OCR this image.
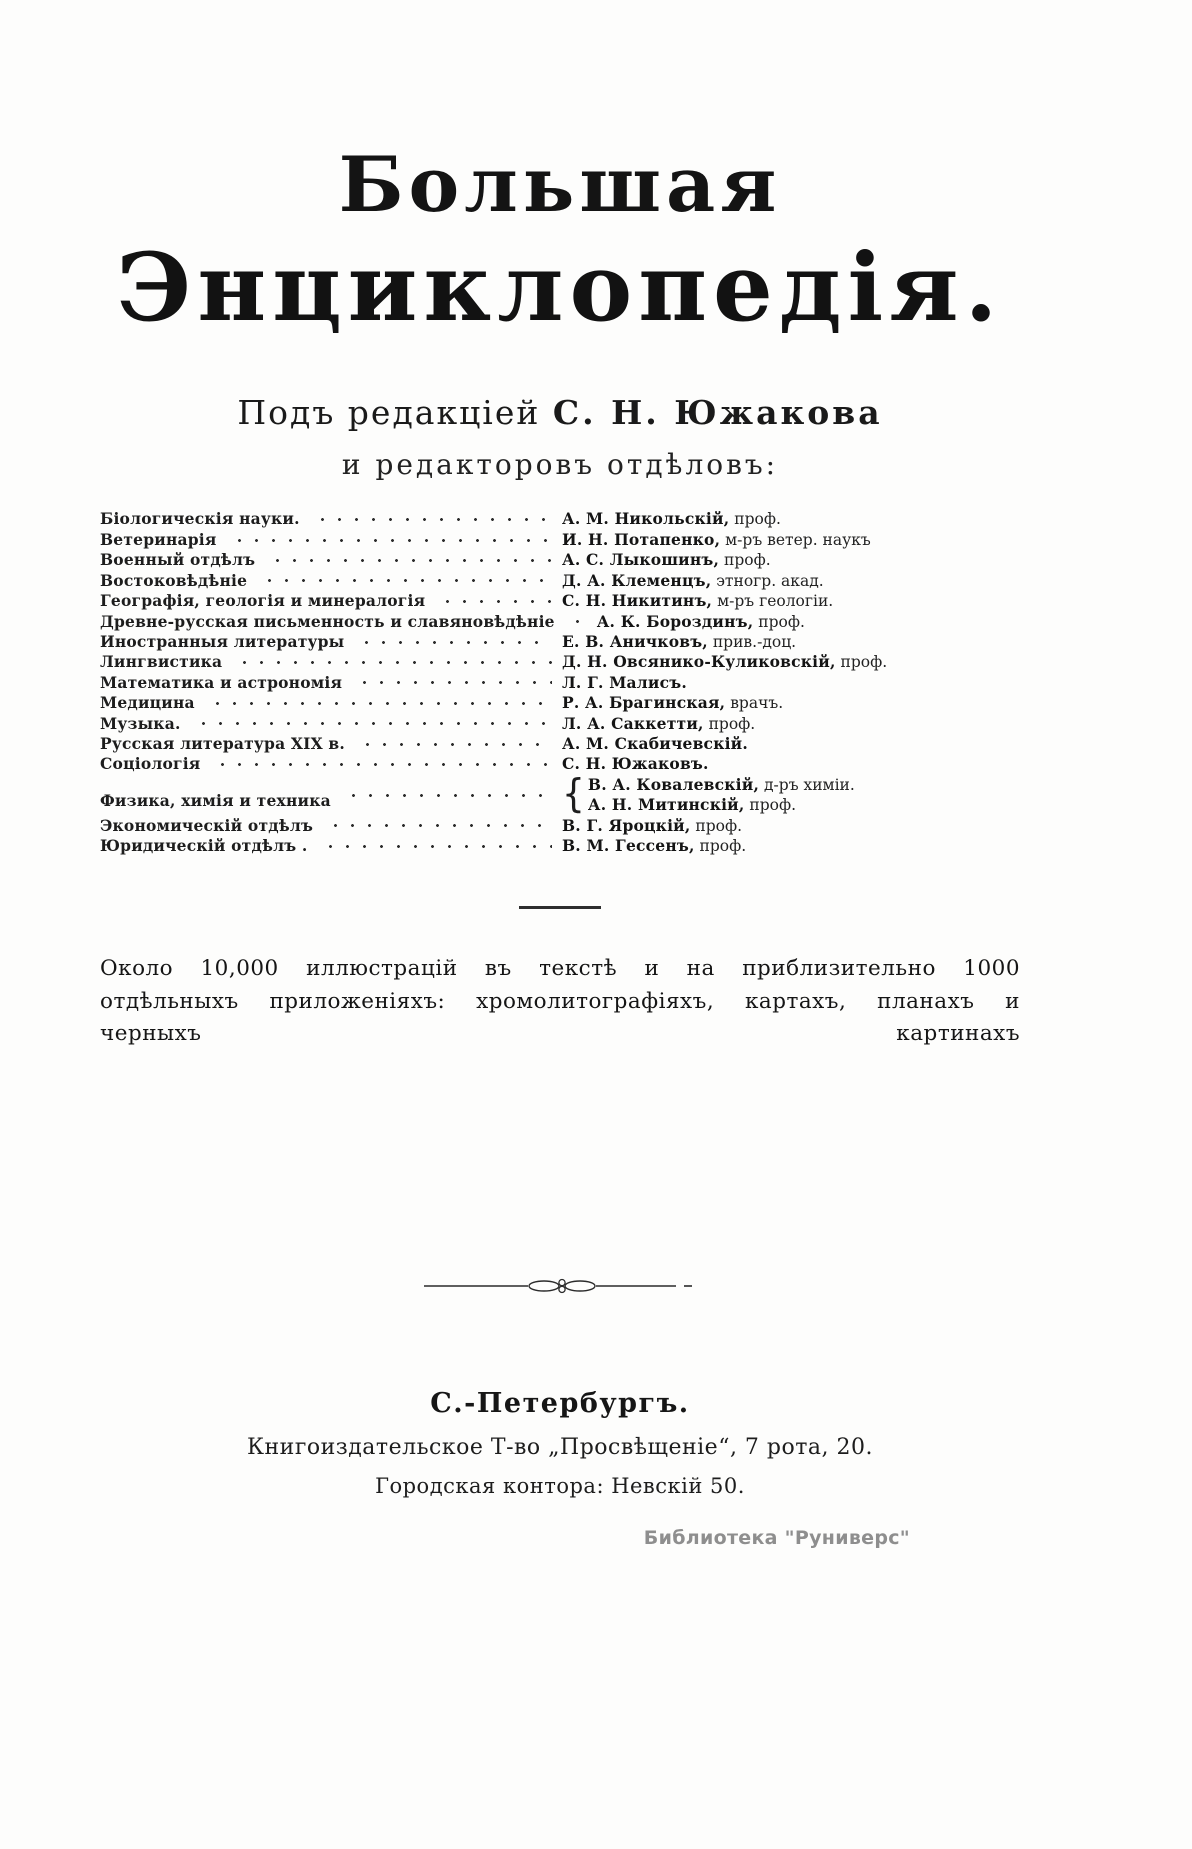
Большая
Энциклопедія.
Подъ редакціей С. Н. Южакова
и редакторовъ отдѣловъ:
Біологическія науки.	А. М. Никольскій, проф.
Ветеринарія	И. Н. Потапенко, м-ръ ветер. наукъ
Военный отдѣлъ	А. С. Лыкошинъ, проф.
Востоковѣдѣніе	Д. А. Клеменцъ, этногр. акад.
Географія, геологія и минералогія	С. Н. Никитинъ, м-ръ геологіи.
Древне-русская письменность и славяновѣдѣніе	А. К. Бороздинъ, проф.
Иностранныя литературы	Е. В. Аничковъ, прив.-доц.
Лингвистика	Д. Н. Овсянико-Куликовскій, проф.
Математика и астрономія	Л. Г. Малисъ.
Медицина	Р. А. Брагинская, врачъ.
Музыка.	Л. А. Саккетти, проф.
Русская литература XIX в.	А. М. Скабичевскій.
Соціологія	С. Н. Южаковъ.
Физика, химія и техника	{ В. А. Ковалевскій, д-ръ химіи.
А. Н. Митинскій, проф.
Экономическій отдѣлъ	В. Г. Яроцкій, проф.
Юридическій отдѣлъ .	В. М. Гессенъ, проф.
Около 10,000 иллюстрацій въ текстѣ и на приблизительно 1000 отдѣльныхъ приложеніяхъ: хромолитографіяхъ, картахъ, планахъ и черныхъ картинахъ
С.-Петербургъ.
Книгоиздательское Т-во „Просвѣщеніе“, 7 рота, 20.
Городская контора: Невскій 50.
Библиотека "Руниверс"
